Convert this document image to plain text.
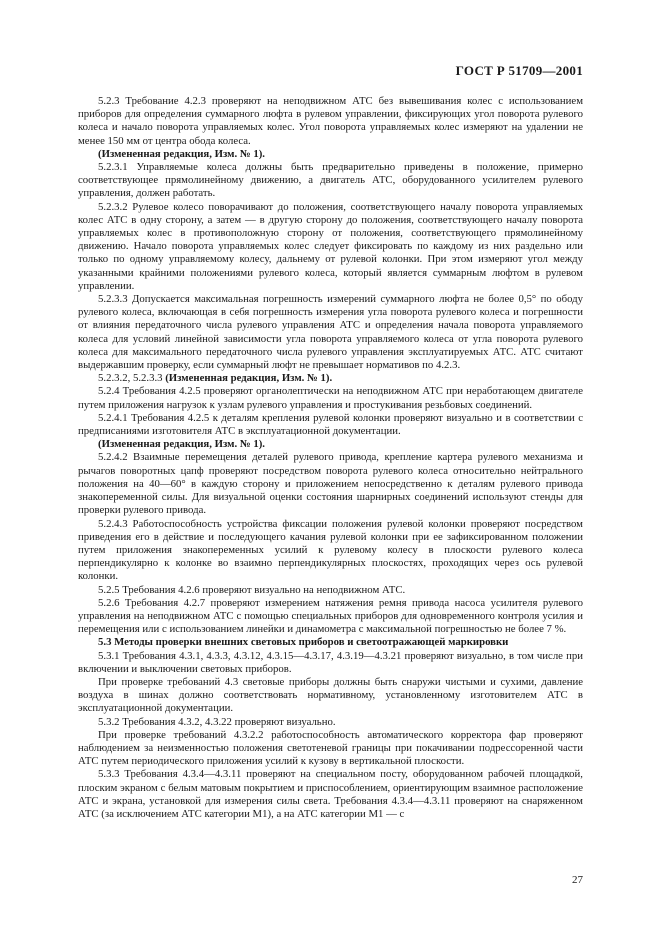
ГОСТ Р 51709—2001

5.2.3 Требование 4.2.3 проверяют на неподвижном АТС без вывешивания колес с использованием приборов для определения суммарного люфта в рулевом управлении, фиксирующих угол поворота рулевого колеса и начало поворота управляемых колес. Угол поворота управляемых колес измеряют на удалении не менее 150 мм от центра обода колеса.

(Измененная редакция, Изм. № 1).

5.2.3.1 Управляемые колеса должны быть предварительно приведены в положение, примерно соответствующее прямолинейному движению, а двигатель АТС, оборудованного усилителем рулевого управления, должен работать.

5.2.3.2 Рулевое колесо поворачивают до положения, соответствующего началу поворота управляемых колес АТС в одну сторону, а затем — в другую сторону до положения, соответствующего началу поворота управляемых колес в противоположную сторону от положения, соответствующего прямолинейному движению. Начало поворота управляемых колес следует фиксировать по каждому из них раздельно или только по одному управляемому колесу, дальнему от рулевой колонки. При этом измеряют угол между указанными крайними положениями рулевого колеса, который является суммарным люфтом в рулевом управлении.

5.2.3.3 Допускается максимальная погрешность измерений суммарного люфта не более 0,5° по ободу рулевого колеса, включающая в себя погрешность измерения угла поворота рулевого колеса и погрешности от влияния передаточного числа рулевого управления АТС и определения начала поворота управляемого колеса для условий линейной зависимости угла поворота управляемого колеса от угла поворота рулевого колеса для максимального передаточного числа рулевого управления эксплуатируемых АТС. АТС считают выдержавшим проверку, если суммарный люфт не превышает нормативов по 4.2.3.

5.2.3.2, 5.2.3.3 (Измененная редакция, Изм. № 1).

5.2.4 Требования 4.2.5 проверяют органолептически на неподвижном АТС при неработающем двигателе путем приложения нагрузок к узлам рулевого управления и простукивания резьбовых соединений.

5.2.4.1 Требования 4.2.5 к деталям крепления рулевой колонки проверяют визуально и в соответствии с предписаниями изготовителя АТС в эксплуатационной документации.

(Измененная редакция, Изм. № 1).

5.2.4.2 Взаимные перемещения деталей рулевого привода, крепление картера рулевого механизма и рычагов поворотных цапф проверяют посредством поворота рулевого колеса относительно нейтрального положения на 40—60° в каждую сторону и приложением непосредственно к деталям рулевого привода знакопеременной силы. Для визуальной оценки состояния шарнирных соединений используют стенды для проверки рулевого привода.

5.2.4.3 Работоспособность устройства фиксации положения рулевой колонки проверяют посредством приведения его в действие и последующего качания рулевой колонки при ее зафиксированном положении путем приложения знакопеременных усилий к рулевому колесу в плоскости рулевого колеса перпендикулярно к колонке во взаимно перпендикулярных плоскостях, проходящих через ось рулевой колонки.

5.2.5 Требования 4.2.6 проверяют визуально на неподвижном АТС.

5.2.6 Требования 4.2.7 проверяют измерением натяжения ремня привода насоса усилителя рулевого управления на неподвижном АТС с помощью специальных приборов для одновременного контроля усилия и перемещения или с использованием линейки и динамометра с максимальной погрешностью не более 7 %.

5.3 Методы проверки внешних световых приборов и светоотражающей маркировки

5.3.1 Требования 4.3.1, 4.3.3, 4.3.12, 4.3.15—4.3.17, 4.3.19—4.3.21 проверяют визуально, в том числе при включении и выключении световых приборов.

При проверке требований 4.3 световые приборы должны быть снаружи чистыми и сухими, давление воздуха в шинах должно соответствовать нормативному, установленному изготовителем АТС в эксплуатационной документации.

5.3.2 Требования 4.3.2, 4.3.22 проверяют визуально.

При проверке требований 4.3.2.2 работоспособность автоматического корректора фар проверяют наблюдением за неизменностью положения светотеневой границы при покачивании подрессоренной части АТС путем периодического приложения усилий к кузову в вертикальной плоскости.

5.3.3 Требования 4.3.4—4.3.11 проверяют на специальном посту, оборудованном рабочей площадкой, плоским экраном с белым матовым покрытием и приспособлением, ориентирующим взаимное расположение АТС и экрана, установкой для измерения силы света. Требования 4.3.4—4.3.11 проверяют на снаряженном АТС (за исключением АТС категории M1), а на АТС категории M1 — с

27
